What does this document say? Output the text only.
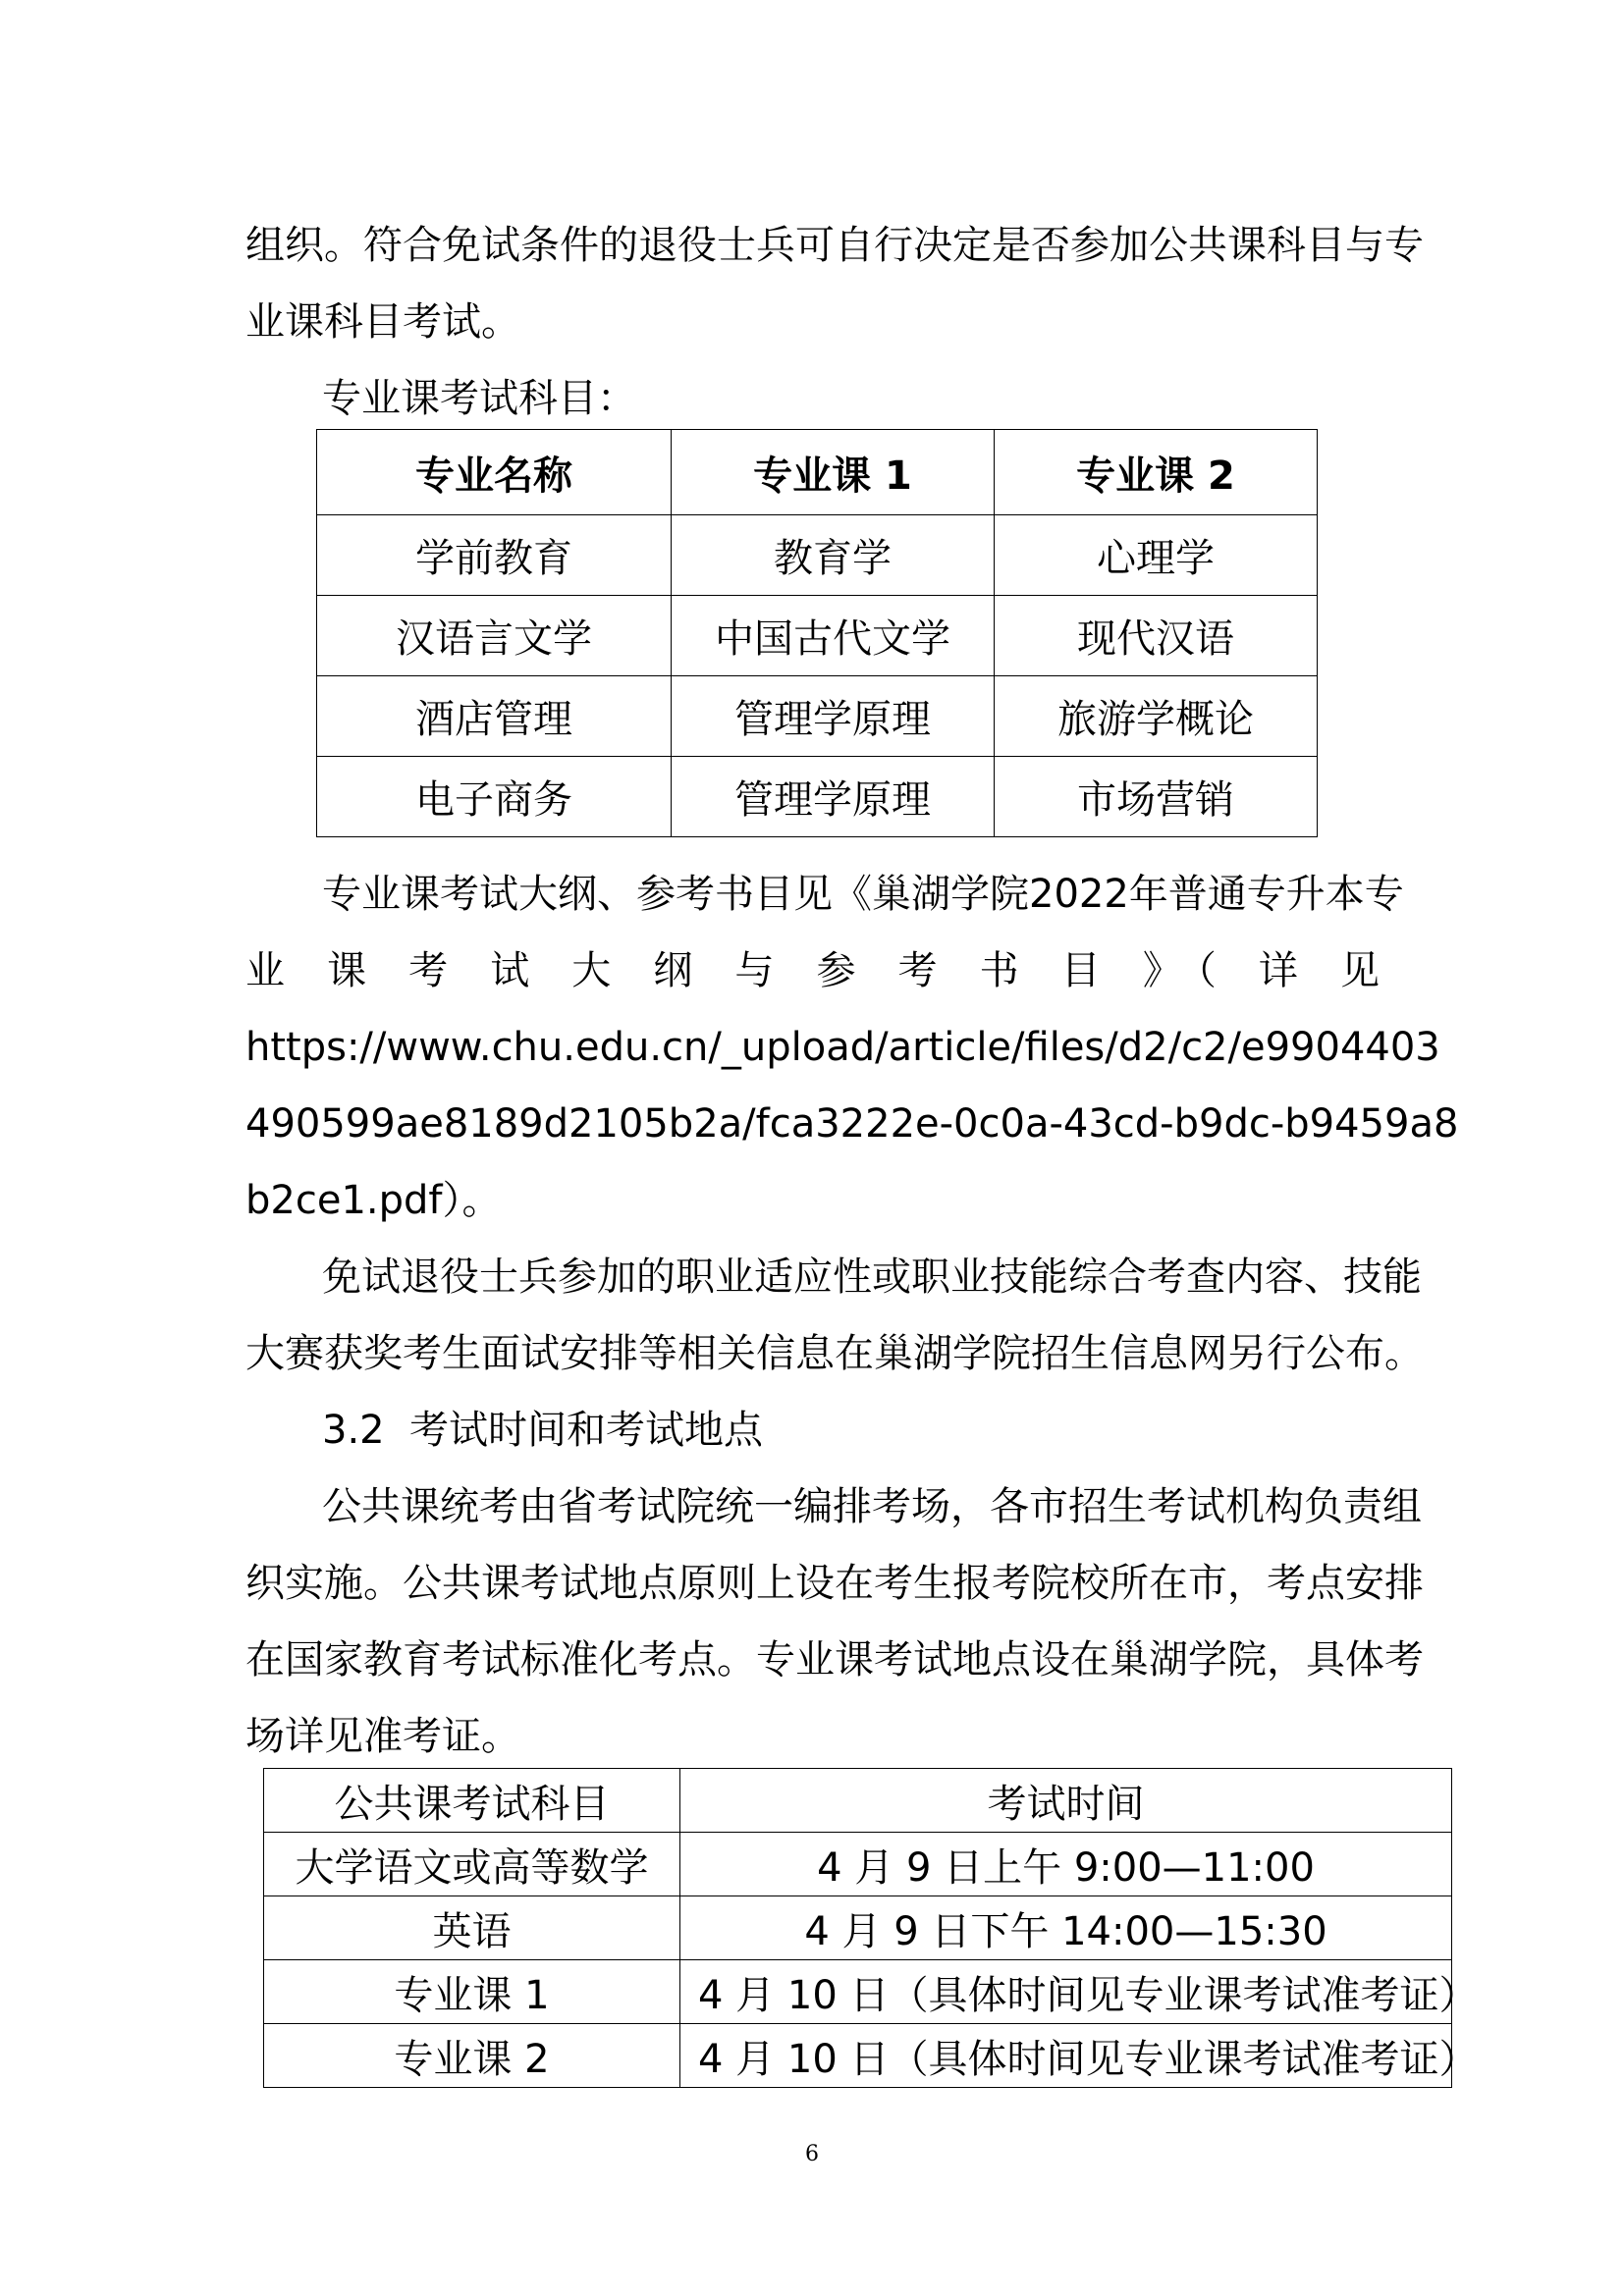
组织。符合免试条件的退役士兵可自行决定是否参加公共课科目与专

业课科目考试。

专业课考试科目：

专业名称	专业课 1	专业课 2
学前教育	教育学	心理学
汉语言文学	中国古代文学	现代汉语
酒店管理	管理学原理	旅游学概论
电子商务	管理学原理	市场营销

专业课考试大纲、参考书目见《巢湖学院2022年普通专升本专

业 课 考 试 大 纲 与 参 考 书 目 》（ 详 见

https://www.chu.edu.cn/_upload/article/files/d2/c2/e9904403

490599ae8189d2105b2a/fca3222e-0c0a-43cd-b9dc-b9459a8

b2ce1.pdf）。

免试退役士兵参加的职业适应性或职业技能综合考查内容、技能

大赛获奖考生面试安排等相关信息在巢湖学院招生信息网另行公布。

3.2  考试时间和考试地点

公共课统考由省考试院统一编排考场，各市招生考试机构负责组

织实施。公共课考试地点原则上设在考生报考院校所在市，考点安排

在国家教育考试标准化考点。专业课考试地点设在巢湖学院，具体考

场详见准考证。

公共课考试科目	考试时间
大学语文或高等数学	4 月 9 日上午 9:00—11:00
英语	4 月 9 日下午 14:00—15:30
专业课 1	4 月 10 日（具体时间见专业课考试准考证）
专业课 2	4 月 10 日（具体时间见专业课考试准考证）
6
